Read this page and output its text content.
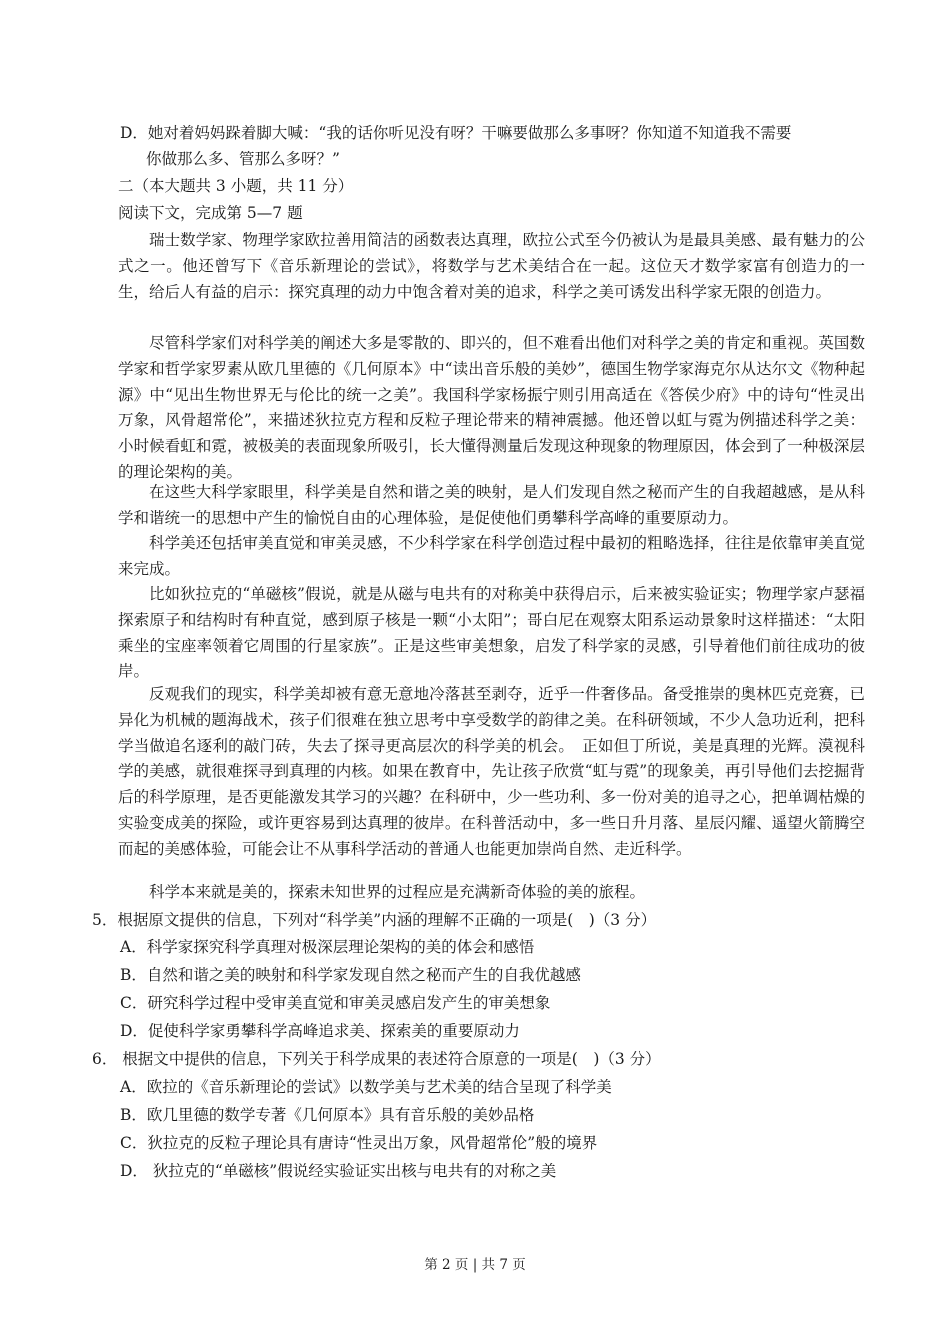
D．她对着妈妈跺着脚大喊：“我的话你听见没有呀？干嘛要做那么多事呀？你知道不知道我不需要
你做那么多、管那么多呀？”
二（本大题共 3 小题，共 11 分）
阅读下文，完成第 5—7 题
瑞士数学家、物理学家欧拉善用简洁的函数表达真理，欧拉公式至今仍被认为是最具美感、最有魅力的公式之一。他还曾写下《音乐新理论的尝试》，将数学与艺术美结合在一起。这位天才数学家富有创造力的一生，给后人有益的启示：探究真理的动力中饱含着对美的追求，科学之美可诱发出科学家无限的创造力。
尽管科学家们对科学美的阐述大多是零散的、即兴的，但不难看出他们对科学之美的肯定和重视。英国数学家和哲学家罗素从欧几里德的《几何原本》中“读出音乐般的美妙”，德国生物学家海克尔从达尔文《物种起源》中“见出生物世界无与伦比的统一之美”。我国科学家杨振宁则引用高适在《答侯少府》中的诗句“性灵出万象，风骨超常伦”，来描述狄拉克方程和反粒子理论带来的精神震撼。他还曾以虹与霓为例描述科学之美：小时候看虹和霓，被极美的表面现象所吸引，长大懂得测量后发现这种现象的物理原因，体会到了一种极深层的理论架构的美。
在这些大科学家眼里，科学美是自然和谐之美的映射，是人们发现自然之秘而产生的自我超越感，是从科学和谐统一的思想中产生的愉悦自由的心理体验，是促使他们勇攀科学高峰的重要原动力。
科学美还包括审美直觉和审美灵感，不少科学家在科学创造过程中最初的粗略选择，往往是依靠审美直觉来完成。
比如狄拉克的“单磁核”假说，就是从磁与电共有的对称美中获得启示，后来被实验证实；物理学家卢瑟福探索原子和结构时有种直觉，感到原子核是一颗“小太阳”；哥白尼在观察太阳系运动景象时这样描述：“太阳乘坐的宝座率领着它周围的行星家族”。正是这些审美想象，启发了科学家的灵感，引导着他们前往成功的彼岸。
反观我们的现实，科学美却被有意无意地冷落甚至剥夺，近乎一件奢侈品。备受推崇的奥林匹克竞赛，已异化为机械的题海战术，孩子们很难在独立思考中享受数学的韵律之美。在科研领域，不少人急功近利，把科学当做追名逐利的敲门砖，失去了探寻更高层次的科学美的机会。　正如但丁所说，美是真理的光辉。漠视科学的美感，就很难探寻到真理的内核。如果在教育中，先让孩子欣赏“虹与霓”的现象美，再引导他们去挖掘背后的科学原理，是否更能激发其学习的兴趣？在科研中，少一些功利、多一份对美的追寻之心，把单调枯燥的实验变成美的探险，或许更容易到达真理的彼岸。在科普活动中，多一些日升月落、星辰闪耀、遥望火箭腾空而起的美感体验，可能会让不从事科学活动的普通人也能更加崇尚自然、走近科学。
科学本来就是美的，探索未知世界的过程应是充满新奇体验的美的旅程。
5．根据原文提供的信息，下列对“科学美”内涵的理解不正确的一项是(　)（3 分）
A．科学家探究科学真理对极深层理论架构的美的体会和感悟
B．自然和谐之美的映射和科学家发现自然之秘而产生的自我优越感
C．研究科学过程中受审美直觉和审美灵感启发产生的审美想象
D．促使科学家勇攀科学高峰追求美、探索美的重要原动力
6． 根据文中提供的信息，下列关于科学成果的表述符合原意的一项是(　)（3 分）
A．欧拉的《音乐新理论的尝试》以数学美与艺术美的结合呈现了科学美
B．欧几里德的数学专著《几何原本》具有音乐般的美妙品格
C．狄拉克的反粒子理论具有唐诗“性灵出万象，风骨超常伦”般的境界
D． 狄拉克的“单磁核”假说经实验证实出核与电共有的对称之美
第 2 页 | 共 7 页
